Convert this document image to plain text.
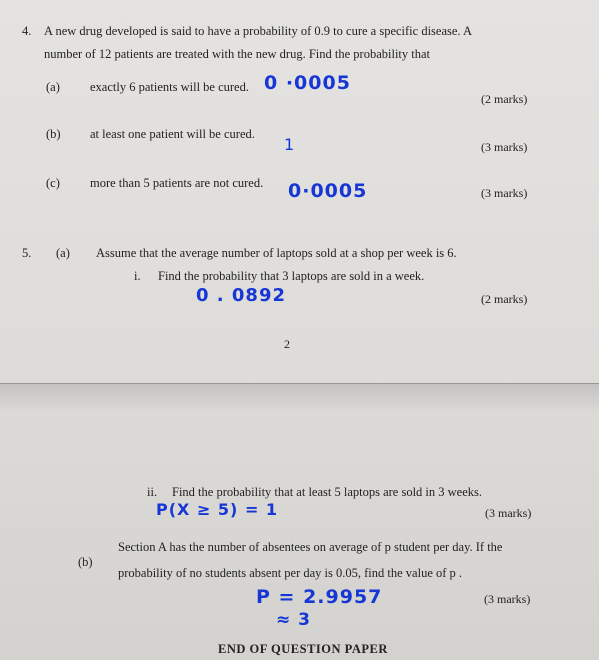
4. A new drug developed is said to have a probability of 0.9 to cure a specific disease. A
number of 12 patients are treated with the new drug. Find the probability that
(a) exactly 6 patients will be cured. 0 ·0005
(2 marks)
(b) at least one patient will be cured.
1	(3 marks)
(c) more than 5 patients are not cured. 0·0005	(3 marks)
5. (a) Assume that the average number of laptops sold at a shop per week is 6.
i. Find the probability that 3 laptops are sold in a week.
0 . 0892	(2 marks)
2
ii. Find the probability that at least 5 laptops are sold in 3 weeks.
P(X ≥ 5) = 1	(3 marks)
(b)
Section A has the number of absentees on average of p student per day. If the
probability of no students absent per day is 0.05, find the value of p .
P = 2.9957
≈ 3
(3 marks)
END OF QUESTION PAPER
